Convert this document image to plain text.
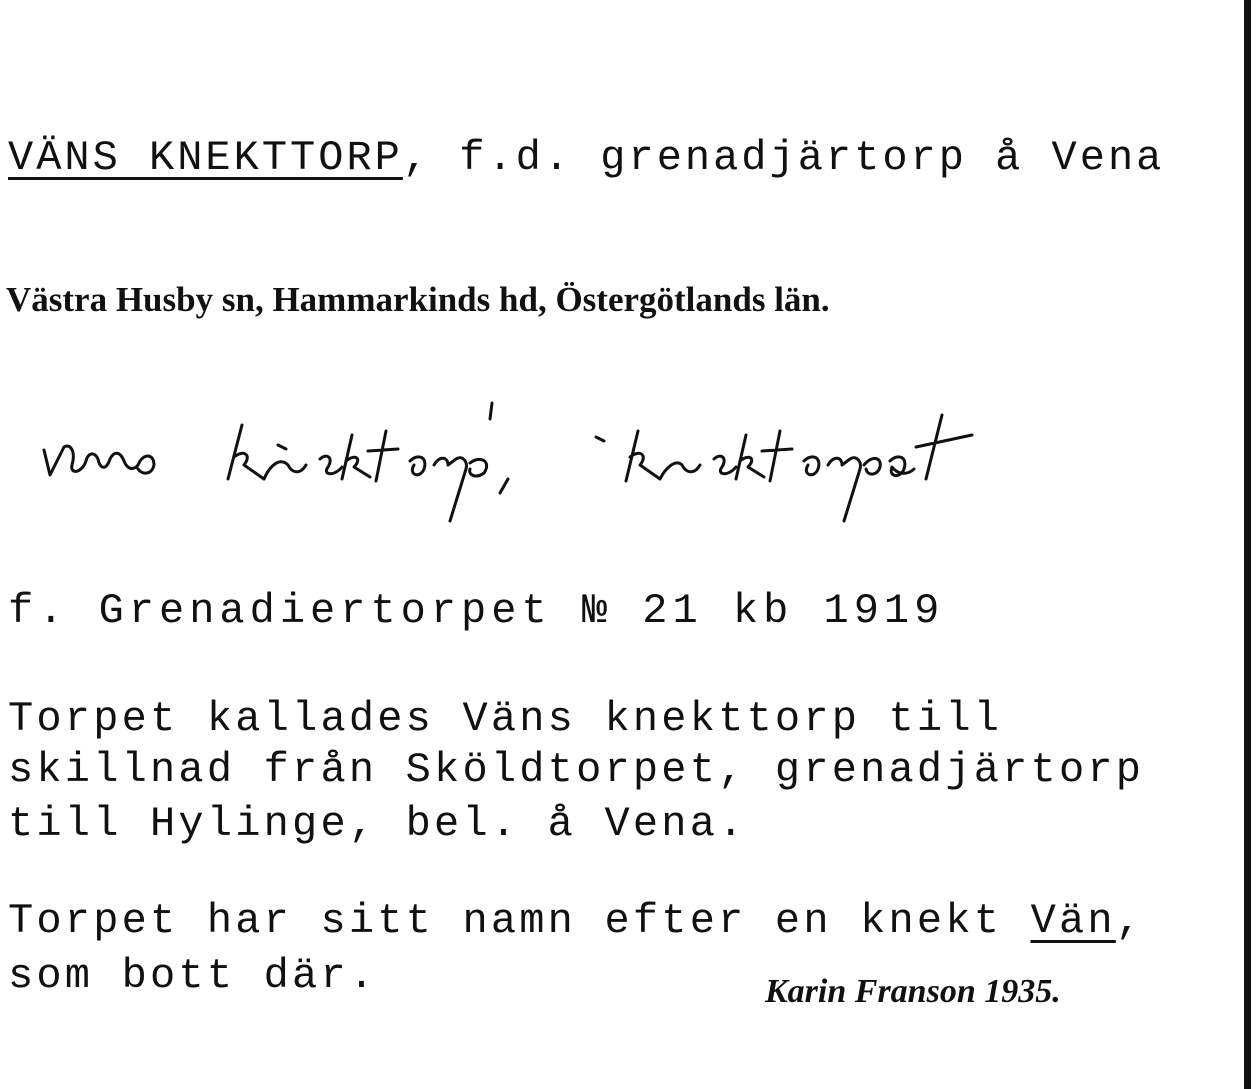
VÄNS KNEKTTORP, f.d. grenadjärtorp å Vena
Västra Husby sn, Hammarkinds hd, Östergötlands län.
f. Grenadiertorpet № 21 kb 1919
Torpet kallades Väns knekttorp till
skillnad från Sköldtorpet, grenadjärtorp
till Hylinge, bel. å Vena.
Torpet har sitt namn efter en knekt Vän,
som bott där.	Karin Franson 1935.
